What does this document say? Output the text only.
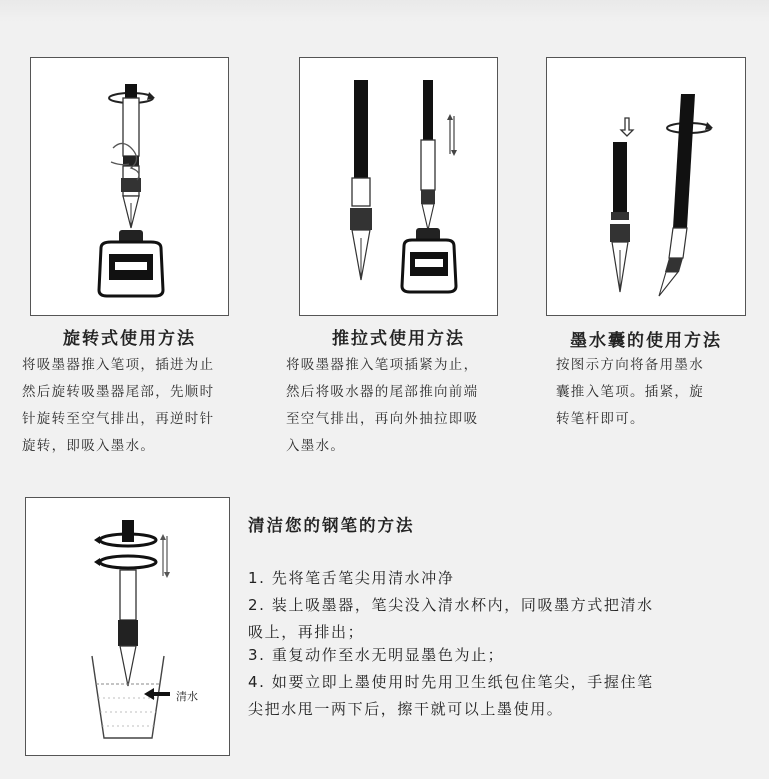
旋转式使用方法
将吸墨器推入笔项，插进为止
然后旋转吸墨器尾部，先顺时
针旋转至空气排出，再逆时针
旋转，即吸入墨水。
推拉式使用方法
将吸墨器推入笔项插紧为止，
然后将吸水器的尾部推向前端
至空气排出，再向外抽拉即吸
入墨水。
墨水囊的使用方法
按图示方向将备用墨水
囊推入笔项。插紧，旋
转笔杆即可。
清水
清洁您的钢笔的方法
1. 先将笔舌笔尖用清水冲净
2. 装上吸墨器，笔尖没入清水杯内，同吸墨方式把清水
吸上，再排出；
3. 重复动作至水无明显墨色为止；
4. 如要立即上墨使用时先用卫生纸包住笔尖，手握住笔
尖把水甩一两下后，擦干就可以上墨使用。
